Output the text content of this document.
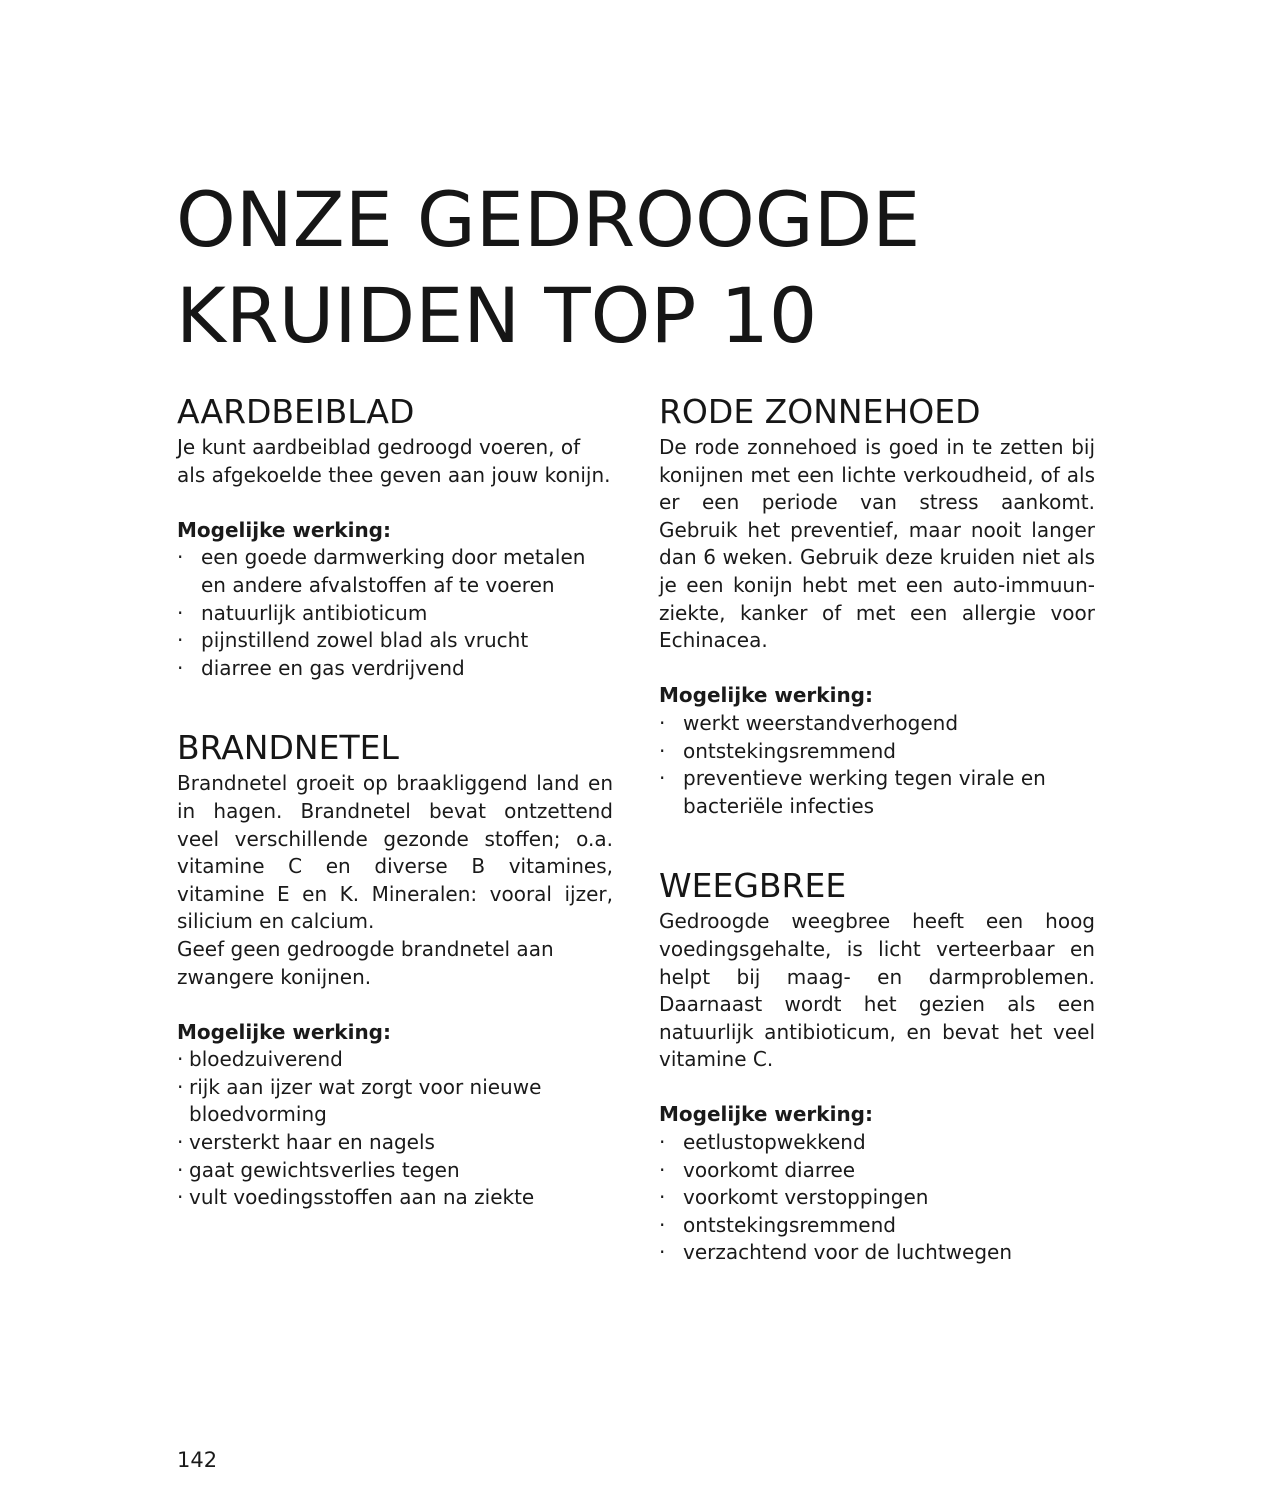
ONZE GEDROOGDE
KRUIDEN TOP 10
AARDBEIBLAD

Je kunt aardbeiblad gedroogd voeren, of als afgekoelde thee geven aan jouw konijn.

Mogelijke werking:

· een goede darmwerking door metalen en andere afvalstoffen af te voeren
· natuurlijk antibioticum
· pijnstillend zowel blad als vrucht
· diarree en gas verdrijvend
BRANDNETEL

Brandnetel groeit op braakliggend land en in hagen. Brandnetel bevat ontzettend veel verschillende gezonde stoffen; o.a. vitamine C en diverse B vitamines, vitamine E en K. Mineralen: vooral ijzer, silicium en calcium.

Geef geen gedroogde brandnetel aan zwangere konijnen.

Mogelijke werking:

· bloedzuiverend
· rijk aan ijzer wat zorgt voor nieuwe bloedvorming
· versterkt haar en nagels
· gaat gewichtsverlies tegen
· vult voedingsstoffen aan na ziekte
RODE ZONNEHOED

De rode zonnehoed is goed in te zetten bij konijnen met een lichte verkoudheid, of als er een periode van stress aankomt. Gebruik het preventief, maar nooit langer dan 6 weken. Gebruik deze kruiden niet als je een konijn hebt met een auto-immuunziekte, kanker of met een allergie voor Echinacea.

Mogelijke werking:

· werkt weerstandverhogend
· ontstekingsremmend
· preventieve werking tegen virale en bacteriële infecties
WEEGBREE

Gedroogde weegbree heeft een hoog voedingsgehalte, is licht verteerbaar en helpt bij maag- en darmproblemen. Daarnaast wordt het gezien als een natuurlijk antibioticum, en bevat het veel vitamine C.

Mogelijke werking:

· eetlustopwekkend
· voorkomt diarree
· voorkomt verstoppingen
· ontstekingsremmend
· verzachtend voor de luchtwegen

142
